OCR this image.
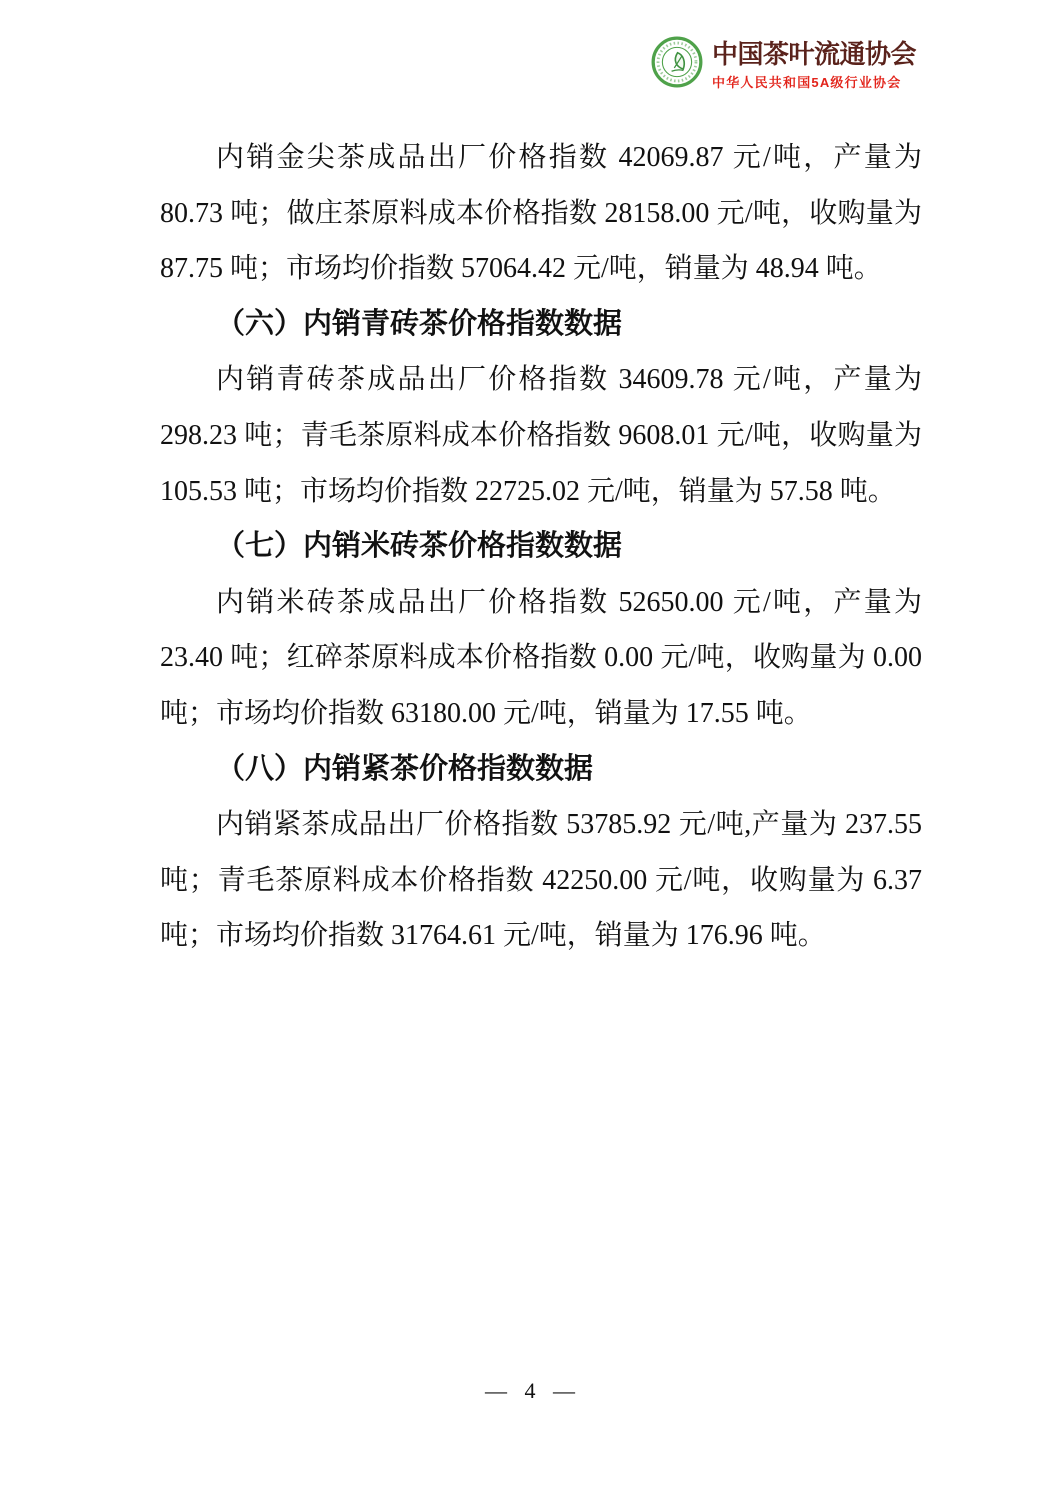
中国茶叶流通协会
中华人民共和国5A级行业协会
内销金尖茶成品出厂价格指数 42069.87 元/吨，产量为
80.73 吨；做庄茶原料成本价格指数 28158.00 元/吨，收购量为
87.75 吨；市场均价指数 57064.42 元/吨，销量为 48.94 吨。
（六）内销青砖茶价格指数数据
内销青砖茶成品出厂价格指数 34609.78 元/吨，产量为
298.23 吨；青毛茶原料成本价格指数 9608.01 元/吨，收购量为
105.53 吨；市场均价指数 22725.02 元/吨，销量为 57.58 吨。
（七）内销米砖茶价格指数数据
内销米砖茶成品出厂价格指数 52650.00 元/吨，产量为
23.40 吨；红碎茶原料成本价格指数 0.00 元/吨，收购量为 0.00
吨；市场均价指数 63180.00 元/吨，销量为 17.55 吨。
（八）内销紧茶价格指数数据
内销紧茶成品出厂价格指数 53785.92 元/吨,产量为 237.55
吨；青毛茶原料成本价格指数 42250.00 元/吨，收购量为 6.37
吨；市场均价指数 31764.61 元/吨，销量为 176.96 吨。
— 4 —
